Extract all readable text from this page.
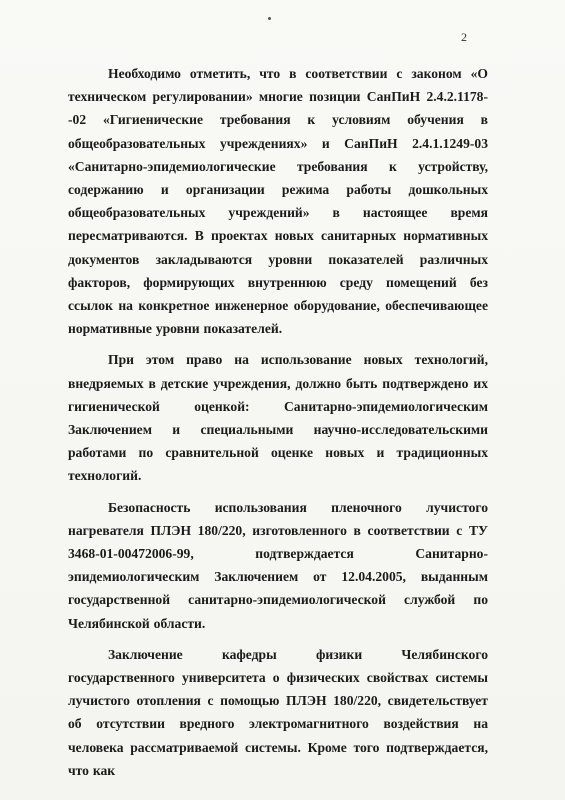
2

Необходимо отметить, что в соответствии с законом «О техническом регулировании» многие позиции СанПиН 2.4.2.1178--02 «Гигиенические требования к условиям обучения в общеобразовательных учреждениях» и СанПиН 2.4.1.1249-03 «Санитарно-эпидемиологические требования к устройству, содержанию и организации режима работы дошкольных общеобразовательных учреждений» в настоящее время пересматриваются. В проектах новых санитарных нормативных документов закладываются уровни показателей различных факторов, формирующих внутреннюю среду помещений без ссылок на конкретное инженерное оборудование, обеспечивающее нормативные уровни показателей.

При этом право на использование новых технологий, внедряемых в детские учреждения, должно быть подтверждено их гигиенической оценкой: Санитарно-эпидемиологическим Заключением и специальными научно-исследовательскими работами по сравнительной оценке новых и традиционных технологий.

Безопасность использования пленочного лучистого нагревателя ПЛЭН 180/220, изготовленного в соответствии с ТУ 3468-01-00472006-99, подтверждается Санитарно-эпидемиологическим Заключением от 12.04.2005, выданным государственной санитарно-эпидемиологической службой по Челябинской области.

Заключение кафедры физики Челябинского государственного университета о физических свойствах системы лучистого отопления с помощью ПЛЭН 180/220, свидетельствует об отсутствии вредного электромагнитного воздействия на человека рассматриваемой системы. Кроме того подтверждается, что как
